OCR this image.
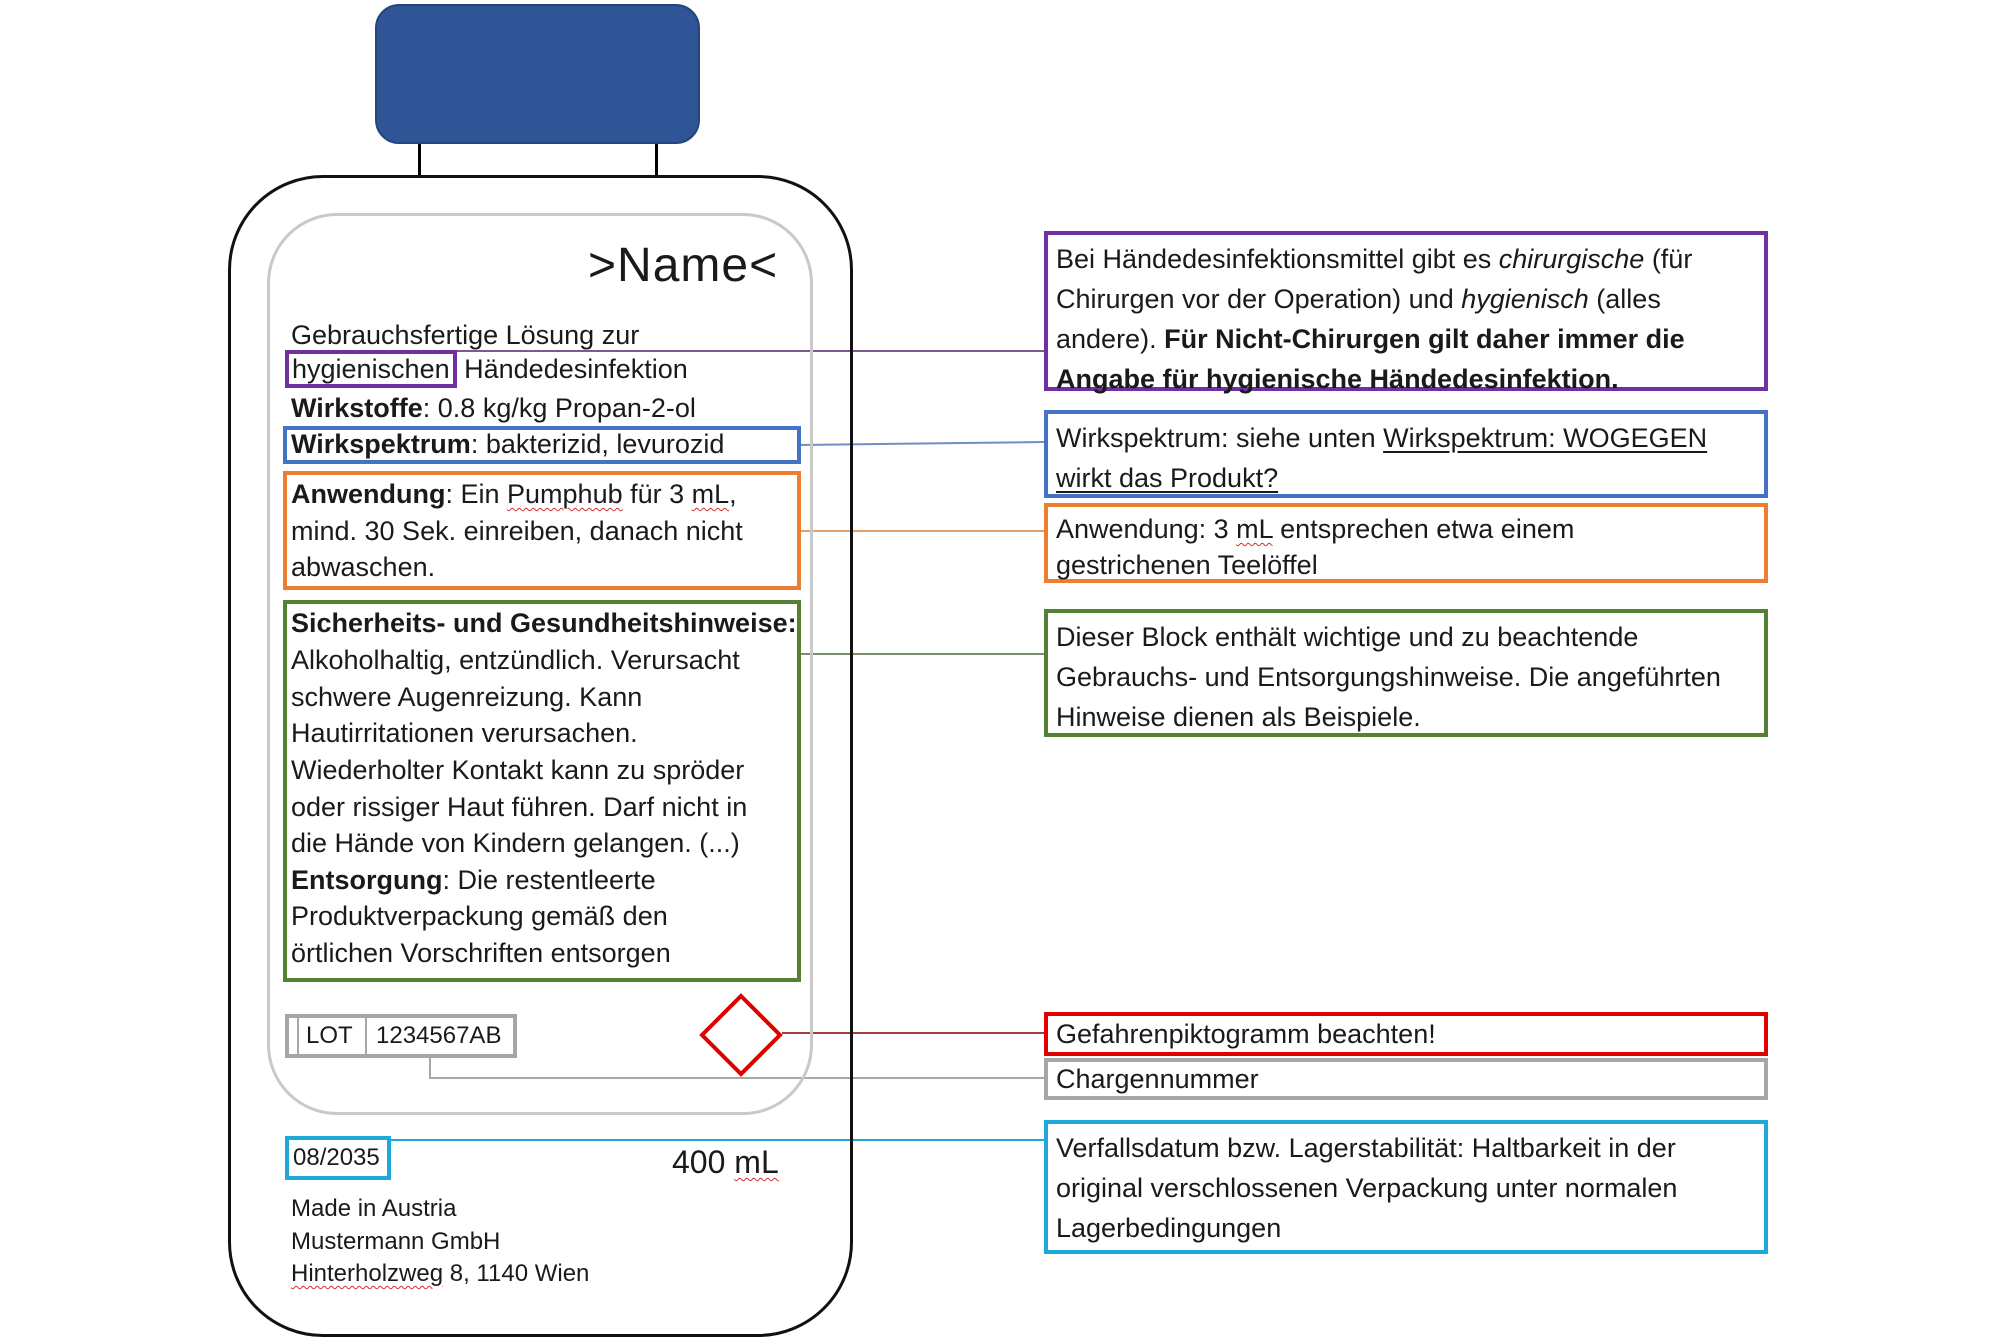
>Name<
Gebrauchsfertige Lösung zur
hygienischen Händedesinfektion
Wirkstoffe: 0.8 kg/kg Propan-2-ol
Wirkspektrum: bakterizid, levurozid
Anwendung: Ein Pumphub für 3 mL,
mind. 30 Sek. einreiben, danach nicht
abwaschen.
Sicherheits- und Gesundheitshinweise:
Alkoholhaltig, entzündlich. Verursacht
schwere Augenreizung. Kann
Hautirritationen verursachen.
Wiederholter Kontakt kann zu spröder
oder rissiger Haut führen. Darf nicht in
die Hände von Kindern gelangen. (...)
Entsorgung: Die restentleerte
Produktverpackung gemäß den
örtlichen Vorschriften entsorgen
LOT 1234567AB
08/2035	400 mL
Made in Austria
Mustermann GmbH
Hinterholzweg 8, 1140 Wien
Bei Händedesinfektionsmittel gibt es chirurgische (für
Chirurgen vor der Operation) und hygienisch (alles
andere). Für Nicht-Chirurgen gilt daher immer die
Angabe für hygienische Händedesinfektion.
Wirkspektrum: siehe unten Wirkspektrum: WOGEGEN
wirkt das Produkt?
Anwendung: 3 mL entsprechen etwa einem
gestrichenen Teelöffel
Dieser Block enthält wichtige und zu beachtende
Gebrauchs- und Entsorgungshinweise. Die angeführten
Hinweise dienen als Beispiele.
Gefahrenpiktogramm beachten!
Chargennummer
Verfallsdatum bzw. Lagerstabilität: Haltbarkeit in der
original verschlossenen Verpackung unter normalen
Lagerbedingungen
